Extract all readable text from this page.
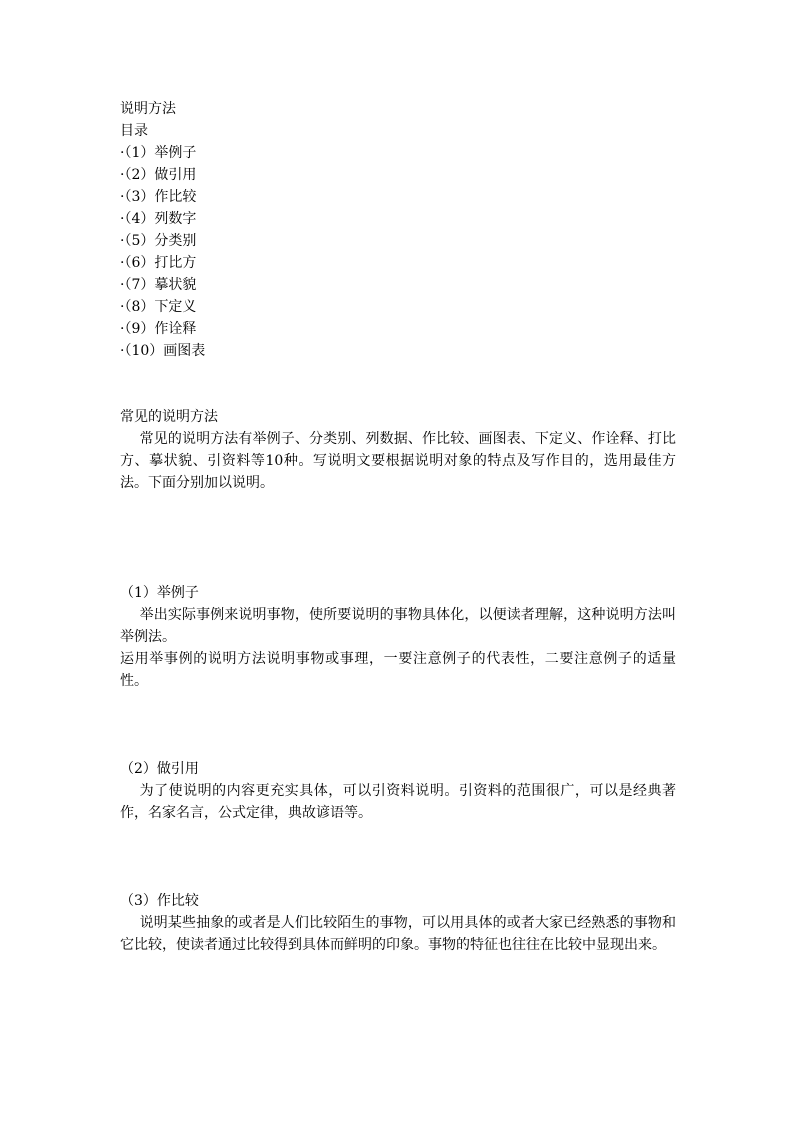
说明方法
目录
·（1）举例子
·（2）做引用
·（3）作比较
·（4）列数字
·（5）分类别
·（6）打比方
·（7）摹状貌
·（8）下定义
·（9）作诠释
·（10）画图表
常见的说明方法

常见的说明方法有举例子、分类别、列数据、作比较、画图表、下定义、作诠释、打比方、摹状貌、引资料等10种。写说明文要根据说明对象的特点及写作目的，选用最佳方法。下面分别加以说明。

（1）举例子

举出实际事例来说明事物，使所要说明的事物具体化，以便读者理解，这种说明方法叫举例法。

运用举事例的说明方法说明事物或事理，一要注意例子的代表性，二要注意例子的适量性。

（2）做引用

为了使说明的内容更充实具体，可以引资料说明。引资料的范围很广，可以是经典著作，名家名言，公式定律，典故谚语等。

（3）作比较

说明某些抽象的或者是人们比较陌生的事物，可以用具体的或者大家已经熟悉的事物和它比较，使读者通过比较得到具体而鲜明的印象。事物的特征也往往在比较中显现出来。
